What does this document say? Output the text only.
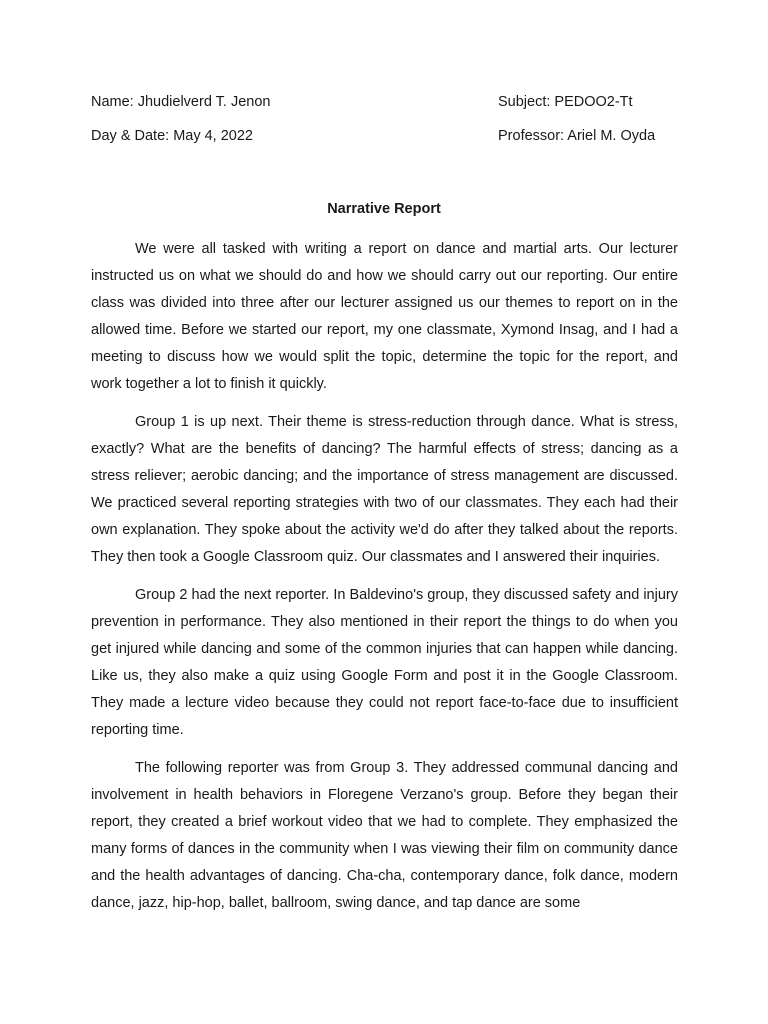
Name: Jhudielverd T. Jenon	Subject: PEDOO2-Tt
Day & Date: May 4, 2022	Professor: Ariel M. Oyda
Narrative Report

We were all tasked with writing a report on dance and martial arts. Our lecturer instructed us on what we should do and how we should carry out our reporting. Our entire class was divided into three after our lecturer assigned us our themes to report on in the allowed time. Before we started our report, my one classmate, Xymond Insag, and I had a meeting to discuss how we would split the topic, determine the topic for the report, and work together a lot to finish it quickly.

Group 1 is up next. Their theme is stress-reduction through dance. What is stress, exactly? What are the benefits of dancing? The harmful effects of stress; dancing as a stress reliever; aerobic dancing; and the importance of stress management are discussed. We practiced several reporting strategies with two of our classmates. They each had their own explanation. They spoke about the activity we'd do after they talked about the reports. They then took a Google Classroom quiz. Our classmates and I answered their inquiries.

Group 2 had the next reporter. In Baldevino's group, they discussed safety and injury prevention in performance. They also mentioned in their report the things to do when you get injured while dancing and some of the common injuries that can happen while dancing. Like us, they also make a quiz using Google Form and post it in the Google Classroom. They made a lecture video because they could not report face-to-face due to insufficient reporting time.

The following reporter was from Group 3. They addressed communal dancing and involvement in health behaviors in Floregene Verzano's group. Before they began their report, they created a brief workout video that we had to complete. They emphasized the many forms of dances in the community when I was viewing their film on community dance and the health advantages of dancing. Cha-cha, contemporary dance, folk dance, modern dance, jazz, hip-hop, ballet, ballroom, swing dance, and tap dance are some
